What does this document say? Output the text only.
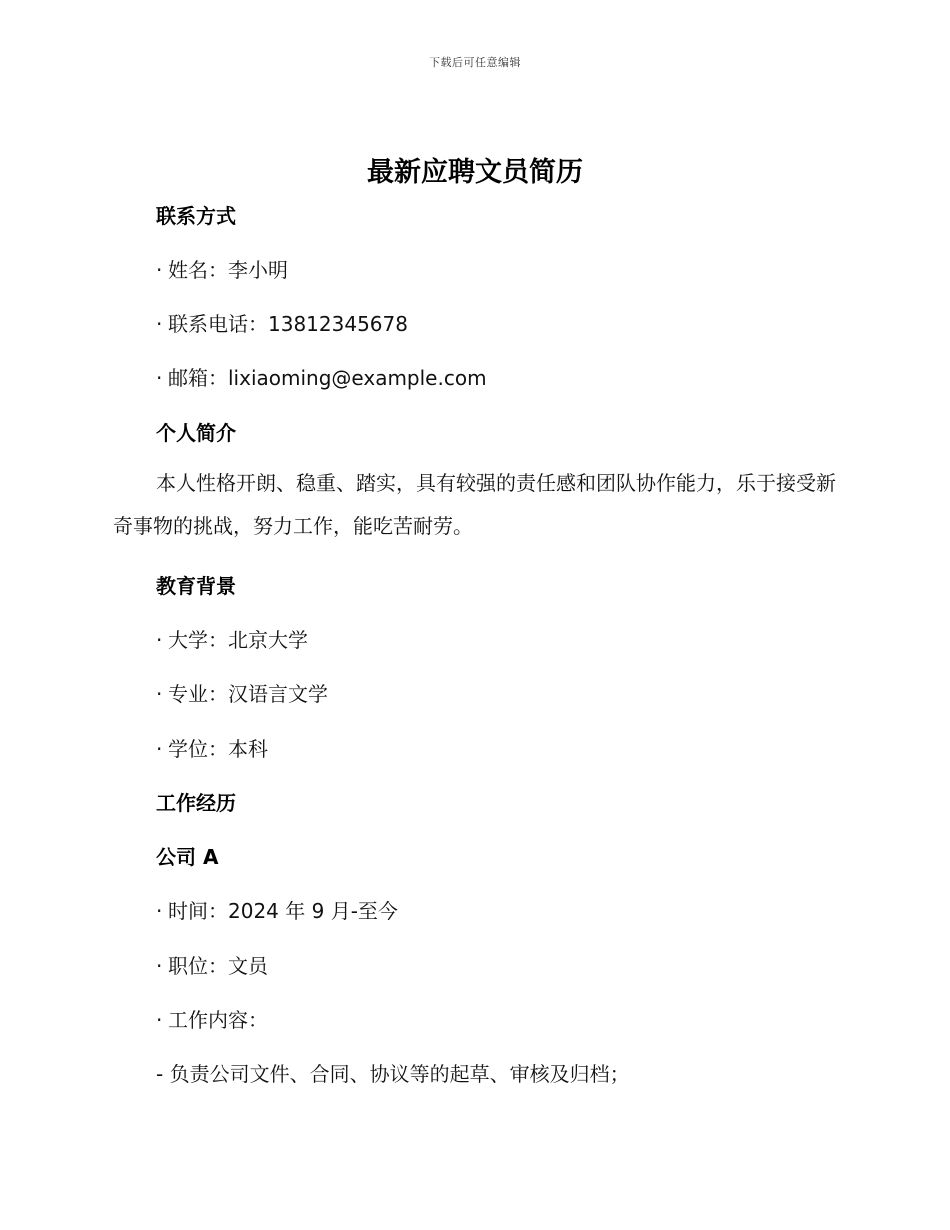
下载后可任意编辑
最新应聘文员简历
联系方式
· 姓名：李小明
· 联系电话：13812345678
· 邮箱：lixiaoming@example.com
个人简介
本人性格开朗、稳重、踏实，具有较强的责任感和团队协作能力，乐于接受新奇事物的挑战，努力工作，能吃苦耐劳。
教育背景
· 大学：北京大学
· 专业：汉语言文学
· 学位：本科
工作经历
公司 A
· 时间：2024 年 9 月-至今
· 职位：文员
· 工作内容：
- 负责公司文件、合同、协议等的起草、审核及归档；
